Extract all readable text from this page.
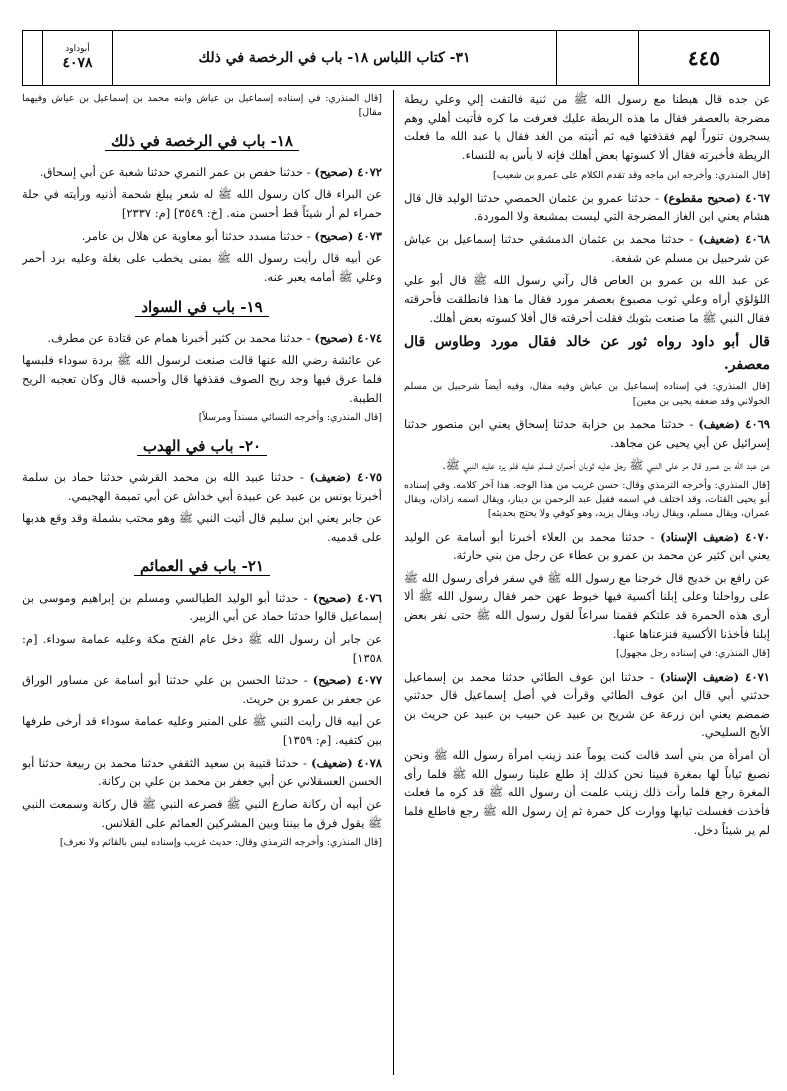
أبوداود
٤٠٧٨	٣١- كتاب اللباس ١٨- باب في الرخصة في ذلك	٤٤٥

عن جده قال هبطنا مع رسول الله ﷺ من ثنية فالتفت إلي وعلي ريطة مضرجة بالعصفر فقال ما هذه الريطة عليك فعرفت ما كره فأتيت أهلي وهم يسجرون تنوراً لهم فقذفتها فيه ثم أتيته من الغد فقال يا عبد الله ما فعلت الريطة فأخبرته فقال ألا كسوتها بعض أهلك فإنه لا بأس به للنساء.

[قال المنذري: وأخرجه ابن ماجه وقد تقدم الكلام على عمرو بن شعيب]

٤٠٦٧ (صحيح مقطوع) - حدثنا عمرو بن عثمان الحمصي حدثنا الوليد قال قال هشام يعني ابن الغاز المضرجة التي ليست بمشبعة ولا الموردة.

٤٠٦٨ (ضعيف) - حدثنا محمد بن عثمان الدمشقي حدثنا إسماعيل بن عياش عن شرحبيل بن مسلم عن شفعة.

عن عبد الله بن عمرو بن العاص قال رآني رسول الله ﷺ قال أبو علي اللؤلؤي أراه وعلي ثوب مصبوغ بعصفر مورد فقال ما هذا فانطلقت فأحرقته فقال النبي ﷺ ما صنعت بثوبك فقلت أحرقته قال أفلا كسوته بعض أهلك.

قال أبو داود رواه ثور عن خالد فقال مورد وطاوس قال معصفر.

[قال المنذري: في إسناده إسماعيل بن عياش وفيه مقال، وفيه أيضاً شرحبيل بن مسلم الخولاني وقد ضعفه يحيى بن معين]

٤٠٦٩ (ضعيف) - حدثنا محمد بن حزابة حدثنا إسحاق يعني ابن منصور حدثنا إسرائيل عن أبي يحيى عن مجاهد.

عن عبد الله بن عمرو قال مر على النبي ﷺ رجل عليه ثوبان أحمران فسلم عليه فلم يرد عليه النبي ﷺ.

[قال المنذري: وأخرجه الترمذي وقال: حسن غريب من هذا الوجه. هذا آخر كلامه. وفي إسناده أبو يحيى القتات، وقد اختلف في اسمه فقيل عبد الرحمن بن دينار، ويقال اسمه زاذان، ويقال عمران، ويقال مسلم، ويقال زياد، ويقال يزيد، وهو كوفي ولا يحتج بحديثه]

٤٠٧٠ (ضعيف الإسناد) - حدثنا محمد بن العلاء أخبرنا أبو أسامة عن الوليد يعني ابن كثير عن محمد بن عمرو بن عطاء عن رجل من بني حارثة.

عن رافع بن خديج قال خرجنا مع رسول الله ﷺ في سفر فرأى رسول الله ﷺ على رواحلنا وعلى إبلنا أكسية فيها خيوط عهن حمر فقال رسول الله ﷺ ألا أرى هذه الحمرة قد علتكم فقمنا سراعاً لقول رسول الله ﷺ حتى نفر بعض إبلنا فأخذنا الأكسية فنزعناها عنها.

[قال المنذري: في إسناده رجل مجهول]

٤٠٧١ (ضعيف الإسناد) - حدثنا ابن عوف الطائي حدثنا محمد بن إسماعيل حدثني أبي قال ابن عوف الطائي وقرأت في أصل إسماعيل قال حدثني ضمضم يعني ابن زرعة عن شريح بن عبيد عن حبيب بن عبيد عن حريث بن الأبج السليحي.

أن امرأة من بني أسد قالت كنت يوماً عند زينب امرأة رسول الله ﷺ ونحن نصبغ ثياباً لها بمغرة فبينا نحن كذلك إذ طلع علينا رسول الله ﷺ فلما رأى المغرة رجع فلما رأت ذلك زينب علمت أن رسول الله ﷺ قد كره ما فعلت فأخذت فغسلت ثيابها ووارت كل حمرة ثم إن رسول الله ﷺ رجع فاطلع فلما لم ير شيئاً دخل.

[قال المنذري: في إسناده إسماعيل بن عياش وابنه محمد بن إسماعيل بن عياش وفيهما مقال]

١٨- باب في الرخصة في ذلك

٤٠٧٢ (صحيح) - حدثنا حفص بن عمر النمري حدثنا شعبة عن أبي إسحاق.

عن البراء قال كان رسول الله ﷺ له شعر يبلغ شحمة أذنيه ورأيته في حلة حمراء لم أر شيئاً قط أحسن منه. [خ: ٣٥٤٩] [م: ٢٣٣٧]

٤٠٧٣ (صحيح) - حدثنا مسدد حدثنا أبو معاوية عن هلال بن عامر.

عن أبيه قال رأيت رسول الله ﷺ بمنى يخطب على بغلة وعليه برد أحمر وعلي ﷺ أمامه يعبر عنه.

١٩- باب في السواد

٤٠٧٤ (صحيح) - حدثنا محمد بن كثير أخبرنا همام عن قتادة عن مطرف.

عن عائشة رضي الله عنها قالت صنعت لرسول الله ﷺ بردة سوداء فلبسها فلما عرق فيها وجد ريح الصوف فقذفها قال وأحسبه قال وكان تعجبه الريح الطيبة.

[قال المنذري: وأخرجه النسائي مسنداً ومرسلاً]

٢٠- باب في الهدب

٤٠٧٥ (ضعيف) - حدثنا عبيد الله بن محمد القرشي حدثنا حماد بن سلمة أخبرنا يونس بن عبيد عن عبيدة أبي خداش عن أبي تميمة الهجيمي.

عن جابر يعني ابن سليم قال أتيت النبي ﷺ وهو محتب بشملة وقد وقع هدبها على قدميه.

٢١- باب في العمائم

٤٠٧٦ (صحيح) - حدثنا أبو الوليد الطيالسي ومسلم بن إبراهيم وموسى بن إسماعيل قالوا حدثنا حماد عن أبي الزبير.

عن جابر أن رسول الله ﷺ دخل عام الفتح مكة وعليه عمامة سوداء. [م: ١٣٥٨]

٤٠٧٧ (صحيح) - حدثنا الحسن بن علي حدثنا أبو أسامة عن مساور الوراق عن جعفر بن عمرو بن حريث.

عن أبيه قال رأيت النبي ﷺ على المنبر وعليه عمامة سوداء قد أرخى طرفها بين كتفيه. [م: ١٣٥٩]

٤٠٧٨ (ضعيف) - حدثنا قتيبة بن سعيد الثقفي حدثنا محمد بن ربيعة حدثنا أبو الحسن العسقلاني عن أبي جعفر بن محمد بن علي بن ركانة.

عن أبيه أن ركانة صارع النبي ﷺ فصرعه النبي ﷺ قال ركانة وسمعت النبي ﷺ يقول فرق ما بيننا وبين المشركين العمائم على القلانس.

[قال المنذري: وأخرجه الترمذي وقال: حديث غريب وإسناده ليس بالقائم ولا نعرف]
